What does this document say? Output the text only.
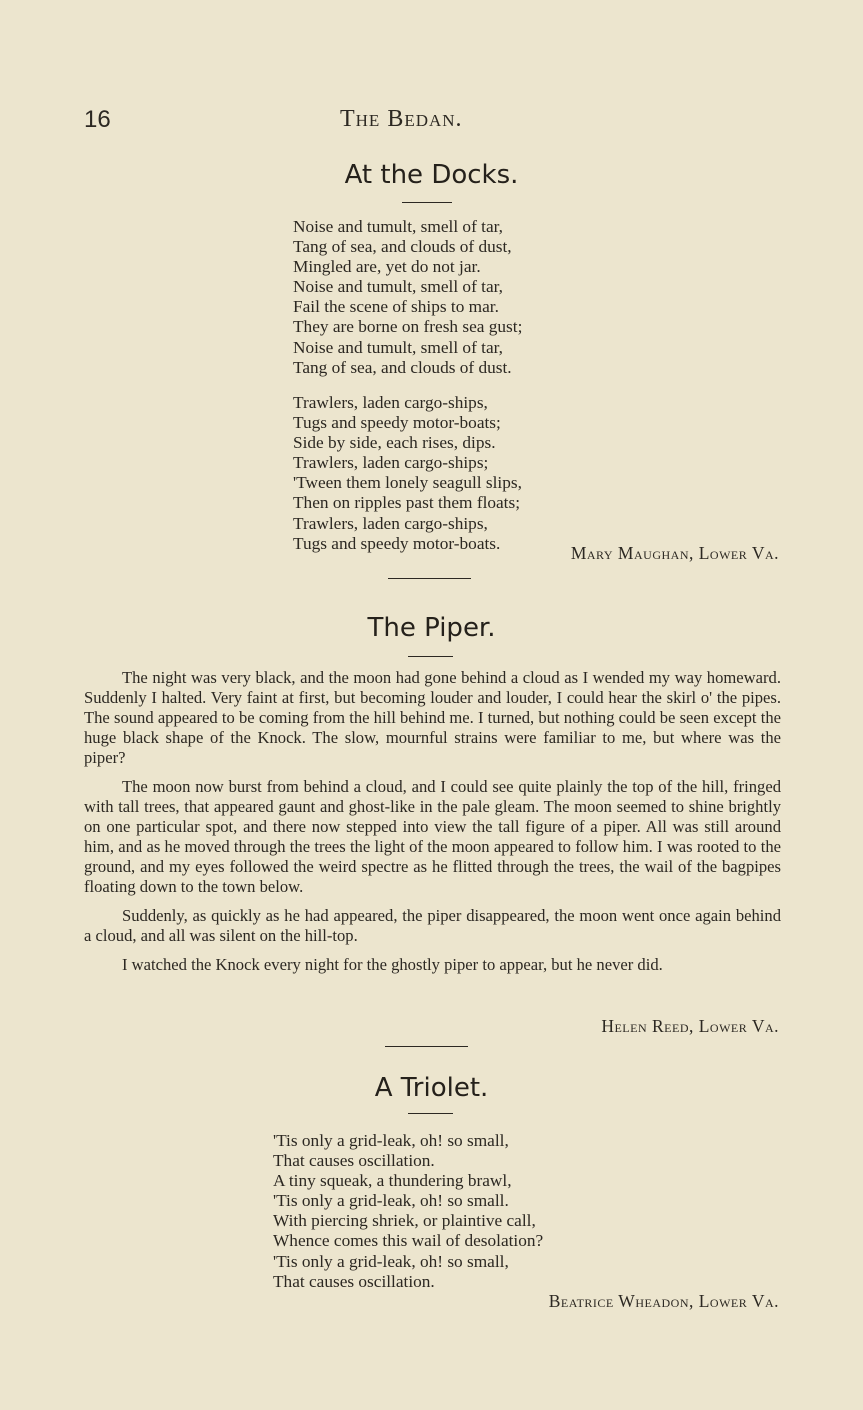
16	The Bedan.
At the Docks.
Noise and tumult, smell of tar,
Tang of sea, and clouds of dust,
Mingled are, yet do not jar.
Noise and tumult, smell of tar,
Fail the scene of ships to mar.
They are borne on fresh sea gust;
Noise and tumult, smell of tar,
Tang of sea, and clouds of dust.
Trawlers, laden cargo-ships,
Tugs and speedy motor-boats;
Side by side, each rises, dips.
Trawlers, laden cargo-ships;
'Tween them lonely seagull slips,
Then on ripples past them floats;
Trawlers, laden cargo-ships,
Tugs and speedy motor-boats.	Mary Maughan, Lower Va.
The Piper.

The night was very black, and the moon had gone behind a cloud as I wended my way homeward. Suddenly I halted. Very faint at first, but becoming louder and louder, I could hear the skirl o' the pipes. The sound appeared to be coming from the hill behind me. I turned, but nothing could be seen except the huge black shape of the Knock. The slow, mournful strains were familiar to me, but where was the piper?

The moon now burst from behind a cloud, and I could see quite plainly the top of the hill, fringed with tall trees, that appeared gaunt and ghost-like in the pale gleam. The moon seemed to shine brightly on one particular spot, and there now stepped into view the tall figure of a piper. All was still around him, and as he moved through the trees the light of the moon appeared to follow him. I was rooted to the ground, and my eyes followed the weird spectre as he flitted through the trees, the wail of the bagpipes floating down to the town below.

Suddenly, as quickly as he had appeared, the piper disappeared, the moon went once again behind a cloud, and all was silent on the hill-top.

I watched the Knock every night for the ghostly piper to appear, but he never did.

Helen Reed, Lower Va.
A Triolet.
'Tis only a grid-leak, oh! so small,
That causes oscillation.
A tiny squeak, a thundering brawl,
'Tis only a grid-leak, oh! so small.
With piercing shriek, or plaintive call,
Whence comes this wail of desolation?
'Tis only a grid-leak, oh! so small,
That causes oscillation.
Beatrice Wheadon, Lower Va.
